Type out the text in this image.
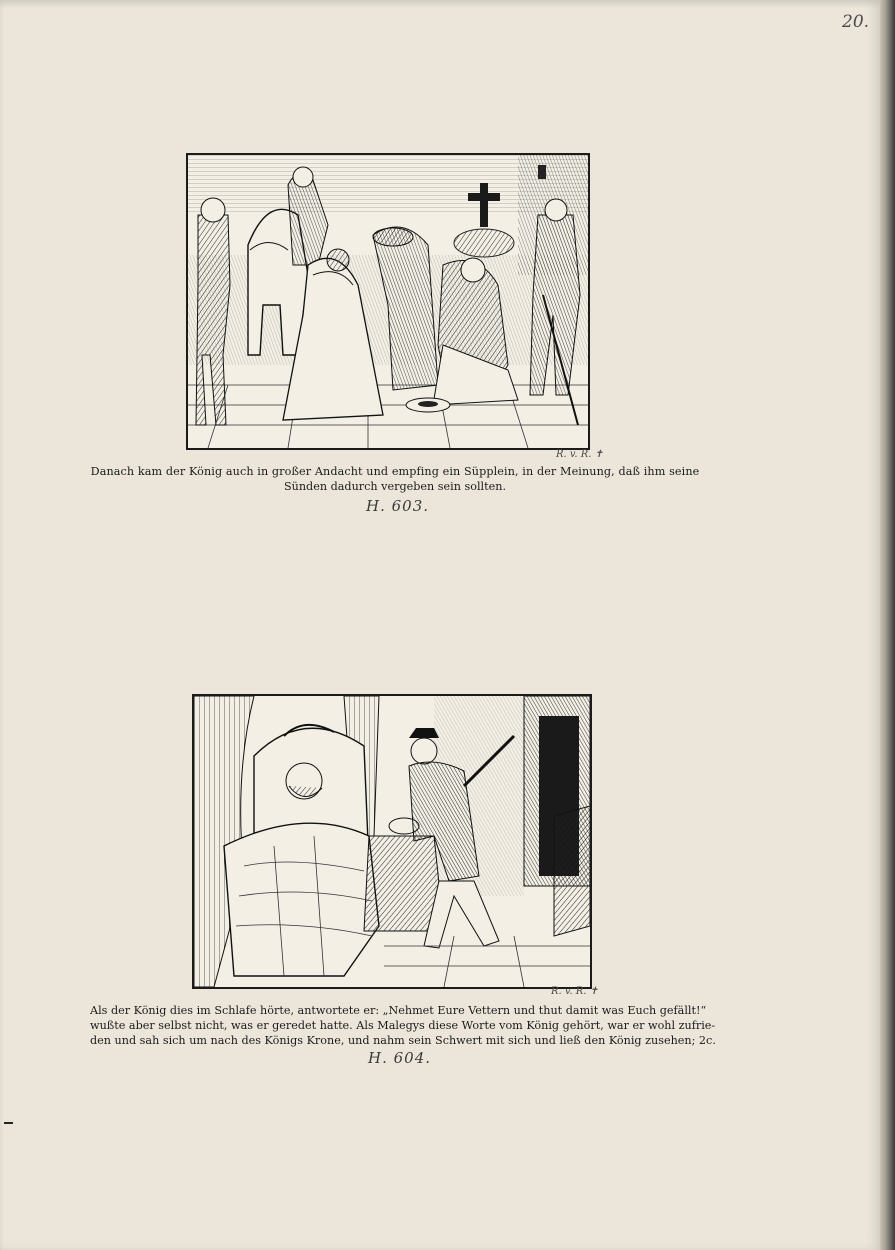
20.
R. v. R. ✝
Danach kam der König auch in großer Andacht und empfing ein Süpplein, in der Meinung, daß ihm seine
Sünden dadurch vergeben sein sollten.
H. 603.
R. v. R. ✝
Als der König dies im Schlafe hörte, antwortete er: „Nehmet Eure Vettern und thut damit was Euch gefällt!“
wußte aber selbst nicht, was er geredet hatte. Als Malegys diese Worte vom König gehört, war er wohl zufrie-
den und sah sich um nach des Königs Krone, und nahm sein Schwert mit sich und ließ den König zusehen; 2c.
H. 604.
